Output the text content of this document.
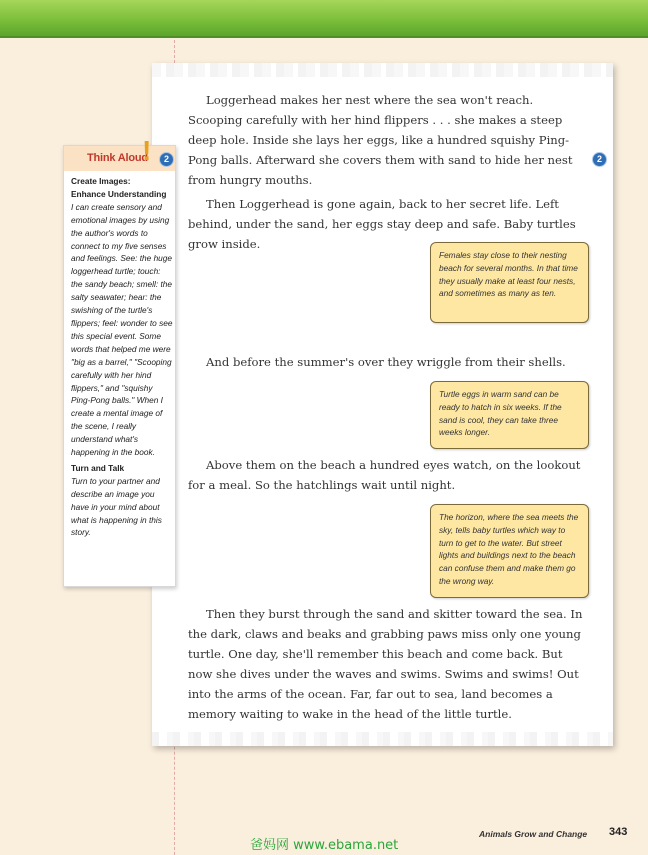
Loggerhead makes her nest where the sea won't reach. Scooping carefully with her hind flippers . . . she makes a steep deep hole. Inside she lays her eggs, like a hundred squishy Ping-Pong balls. Afterward she covers them with sand to hide her nest from hungry mouths.

2

Then Loggerhead is gone again, back to her secret life. Left behind, under the sand, her eggs stay deep and safe. Baby turtles grow inside.

Females stay close to their nesting beach for several months. In that time they usually make at least four nests, and sometimes as many as ten.

And before the summer's over they wriggle from their shells.

Turtle eggs in warm sand can be ready to hatch in six weeks. If the sand is cool, they can take three weeks longer.

Above them on the beach a hundred eyes watch, on the lookout for a meal. So the hatchlings wait until night.

The horizon, where the sea meets the sky, tells baby turtles which way to turn to get to the water. But street lights and buildings next to the beach can confuse them and make them go the wrong way.

Then they burst through the sand and skitter toward the sea. In the dark, claws and beaks and grabbing paws miss only one young turtle. One day, she'll remember this beach and come back. But now she dives under the waves and swims. Swims and swims! Out into the arms of the ocean. Far, far out to sea, land becomes a memory waiting to wake in the head of the little turtle.

Think Aloud
!	2
Create Images:
Enhance Understanding
I can create sensory and emotional images by using the author's words to connect to my five senses and feelings. See: the huge loggerhead turtle; touch: the sandy beach; smell: the salty seawater; hear: the swishing of the turtle's flippers; feel: wonder to see this special event. Some words that helped me were "big as a barrel," "Scooping carefully with her hind flippers," and "squishy Ping-Pong balls." When I create a mental image of the scene, I really understand what's happening in the book.
Turn and Talk
Turn to your partner and describe an image you have in your mind about what is happening in this story.
爸妈网 www.ebama.net
Animals Grow and Change 343
